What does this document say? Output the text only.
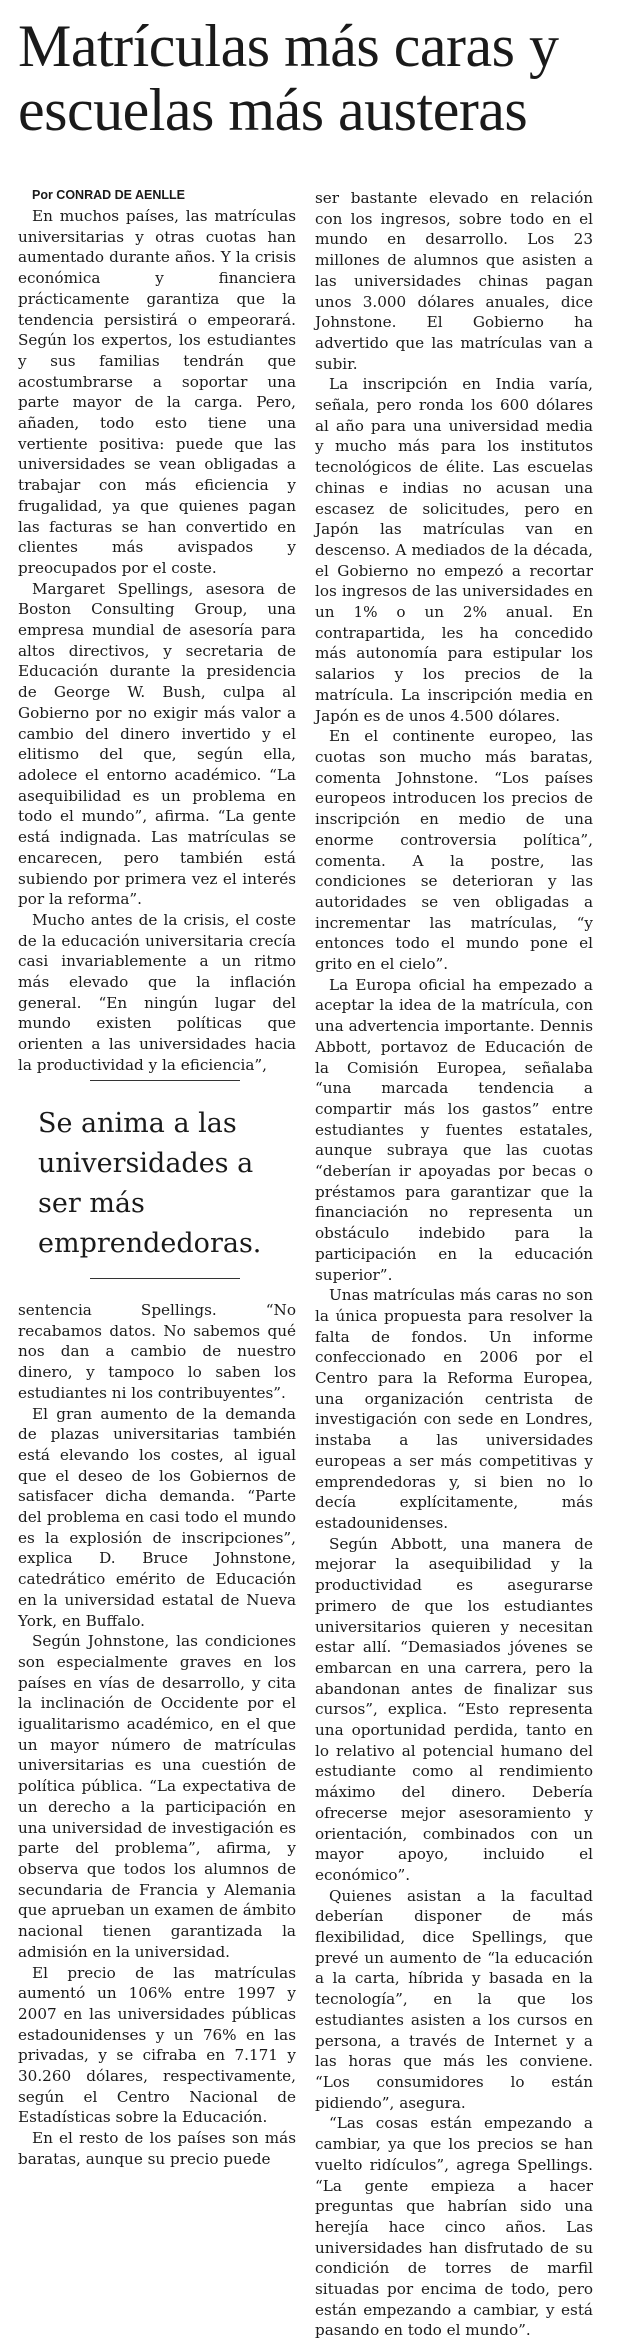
Matrículas más caras y escuelas más austeras

Por CONRAD DE AENLLE

En muchos países, las matrículas universitarias y otras cuotas han aumentado durante años. Y la crisis económica y financiera prácticamente garantiza que la tendencia persistirá o empeorará. Según los expertos, los estudiantes y sus familias tendrán que acostumbrarse a soportar una parte mayor de la carga. Pero, añaden, todo esto tiene una vertiente positiva: puede que las universidades se vean obligadas a trabajar con más eficiencia y frugalidad, ya que quienes pagan las facturas se han convertido en clientes más avispados y preocupados por el coste.

Margaret Spellings, asesora de Boston Consulting Group, una empresa mundial de asesoría para altos directivos, y secretaria de Educación durante la presidencia de George W. Bush, culpa al Gobierno por no exigir más valor a cambio del dinero invertido y el elitismo del que, según ella, adolece el entorno académico. “La asequibilidad es un problema en todo el mundo”, afirma. “La gente está indignada. Las matrículas se encarecen, pero también está subiendo por primera vez el interés por la reforma”.

Mucho antes de la crisis, el coste de la educación universitaria crecía casi invariablemente a un ritmo más elevado que la inflación general. “En ningún lugar del mundo existen políticas que orienten a las universidades hacia la productividad y la eficiencia”,

Se anima a las universidades a ser más emprendedoras.

sentencia Spellings. “No recabamos datos. No sabemos qué nos dan a cambio de nuestro dinero, y tampoco lo saben los estudiantes ni los contribuyentes”.

El gran aumento de la demanda de plazas universitarias también está elevando los costes, al igual que el deseo de los Gobiernos de satisfacer dicha demanda. “Parte del problema en casi todo el mundo es la explosión de inscripciones”, explica D. Bruce Johnstone, catedrático emérito de Educación en la universidad estatal de Nueva York, en Buffalo.

Según Johnstone, las condiciones son especialmente graves en los países en vías de desarrollo, y cita la inclinación de Occidente por el igualitarismo académico, en el que un mayor número de matrículas universitarias es una cuestión de política pública. “La expectativa de un derecho a la participación en una universidad de investigación es parte del problema”, afirma, y observa que todos los alumnos de secundaria de Francia y Alemania que aprueban un examen de ámbito nacional tienen garantizada la admisión en la universidad.

El precio de las matrículas aumentó un 106% entre 1997 y 2007 en las universidades públicas estadounidenses y un 76% en las privadas, y se cifraba en 7.171 y 30.260 dólares, respectivamente, según el Centro Nacional de Estadísticas sobre la Educación.

En el resto de los países son más baratas, aunque su precio puede

ser bastante elevado en relación con los ingresos, sobre todo en el mundo en desarrollo. Los 23 millones de alumnos que asisten a las universidades chinas pagan unos 3.000 dólares anuales, dice Johnstone. El Gobierno ha advertido que las matrículas van a subir.

La inscripción en India varía, señala, pero ronda los 600 dólares al año para una universidad media y mucho más para los institutos tecnológicos de élite. Las escuelas chinas e indias no acusan una escasez de solicitudes, pero en Japón las matrículas van en descenso. A mediados de la década, el Gobierno no empezó a recortar los ingresos de las universidades en un 1% o un 2% anual. En contrapartida, les ha concedido más autonomía para estipular los salarios y los precios de la matrícula. La inscripción media en Japón es de unos 4.500 dólares.

En el continente europeo, las cuotas son mucho más baratas, comenta Johnstone. “Los países europeos introducen los precios de inscripción en medio de una enorme controversia política”, comenta. A la postre, las condiciones se deterioran y las autoridades se ven obligadas a incrementar las matrículas, “y entonces todo el mundo pone el grito en el cielo”.

La Europa oficial ha empezado a aceptar la idea de la matrícula, con una advertencia importante. Dennis Abbott, portavoz de Educación de la Comisión Europea, señalaba “una marcada tendencia a compartir más los gastos” entre estudiantes y fuentes estatales, aunque subraya que las cuotas “deberían ir apoyadas por becas o préstamos para garantizar que la financiación no representa un obstáculo indebido para la participación en la educación superior”.

Unas matrículas más caras no son la única propuesta para resolver la falta de fondos. Un informe confeccionado en 2006 por el Centro para la Reforma Europea, una organización centrista de investigación con sede en Londres, instaba a las universidades europeas a ser más competitivas y emprendedoras y, si bien no lo decía explícitamente, más estadounidenses.

Según Abbott, una manera de mejorar la asequibilidad y la productividad es asegurarse primero de que los estudiantes universitarios quieren y necesitan estar allí. “Demasiados jóvenes se embarcan en una carrera, pero la abandonan antes de finalizar sus cursos”, explica. “Esto representa una oportunidad perdida, tanto en lo relativo al potencial humano del estudiante como al rendimiento máximo del dinero. Debería ofrecerse mejor asesoramiento y orientación, combinados con un mayor apoyo, incluido el económico”.

Quienes asistan a la facultad deberían disponer de más flexibilidad, dice Spellings, que prevé un aumento de “la educación a la carta, híbrida y basada en la tecnología”, en la que los estudiantes asisten a los cursos en persona, a través de Internet y a las horas que más les conviene. “Los consumidores lo están pidiendo”, asegura.

“Las cosas están empezando a cambiar, ya que los precios se han vuelto ridículos”, agrega Spellings. “La gente empieza a hacer preguntas que habrían sido una herejía hace cinco años. Las universidades han disfrutado de su condición de torres de marfil situadas por encima de todo, pero están empezando a cambiar, y está pasando en todo el mundo”.
